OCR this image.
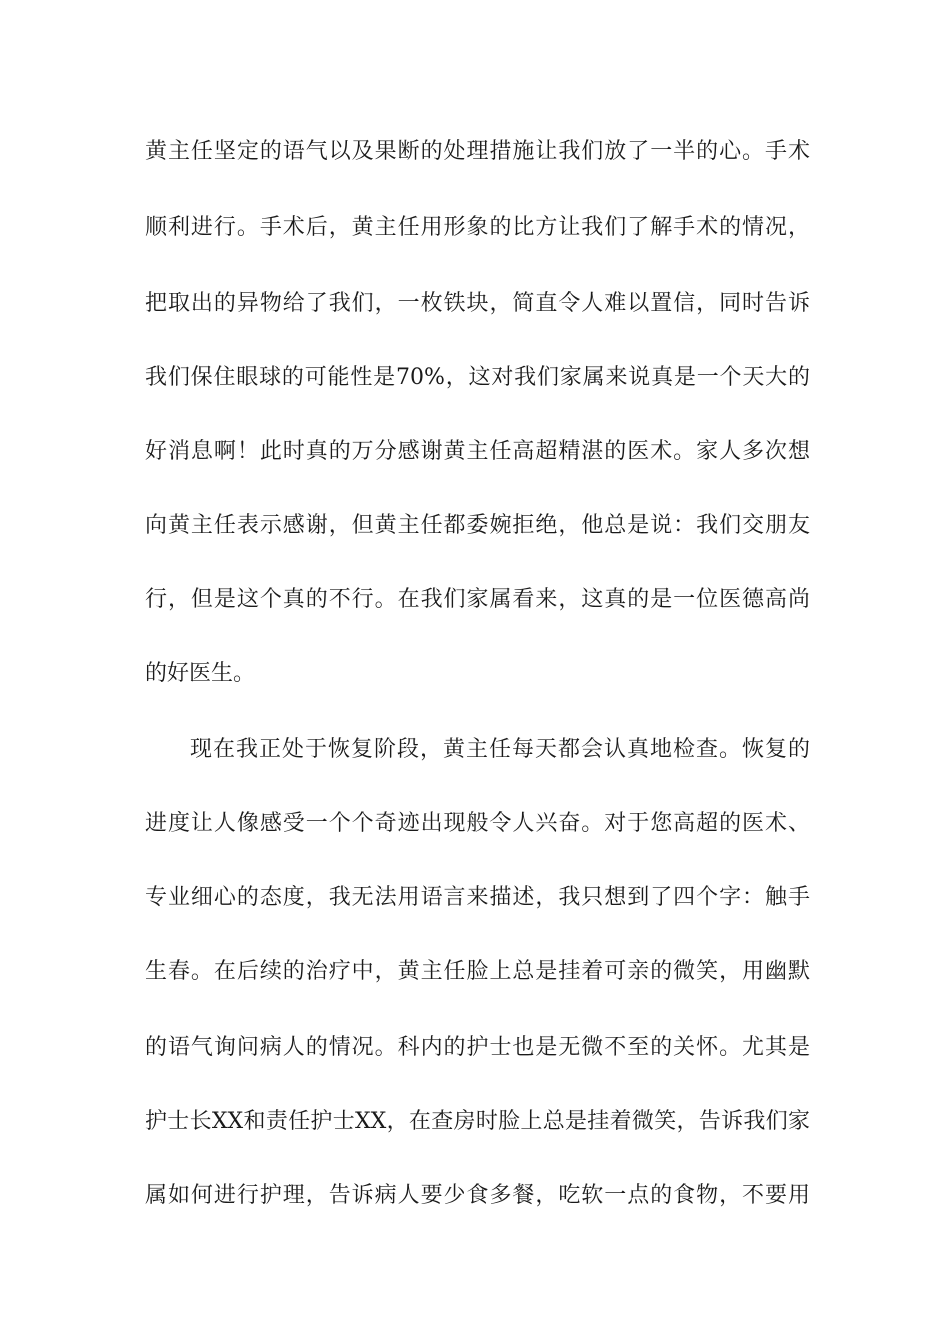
黄主任坚定的语气以及果断的处理措施让我们放了一半的心。手术
顺利进行。手术后，黄主任用形象的比方让我们了解手术的情况，
把取出的异物给了我们，一枚铁块，简直令人难以置信，同时告诉
我们保住眼球的可能性是70%，这对我们家属来说真是一个天大的
好消息啊！此时真的万分感谢黄主任高超精湛的医术。家人多次想
向黄主任表示感谢，但黄主任都委婉拒绝，他总是说：我们交朋友
行，但是这个真的不行。在我们家属看来，这真的是一位医德高尚
的好医生。
现在我正处于恢复阶段，黄主任每天都会认真地检查。恢复的
进度让人像感受一个个奇迹出现般令人兴奋。对于您高超的医术、
专业细心的态度，我无法用语言来描述，我只想到了四个字：触手
生春。在后续的治疗中，黄主任脸上总是挂着可亲的微笑，用幽默
的语气询问病人的情况。科内的护士也是无微不至的关怀。尤其是
护士长XX和责任护士XX，在查房时脸上总是挂着微笑，告诉我们家
属如何进行护理，告诉病人要少食多餐，吃软一点的食物，不要用
